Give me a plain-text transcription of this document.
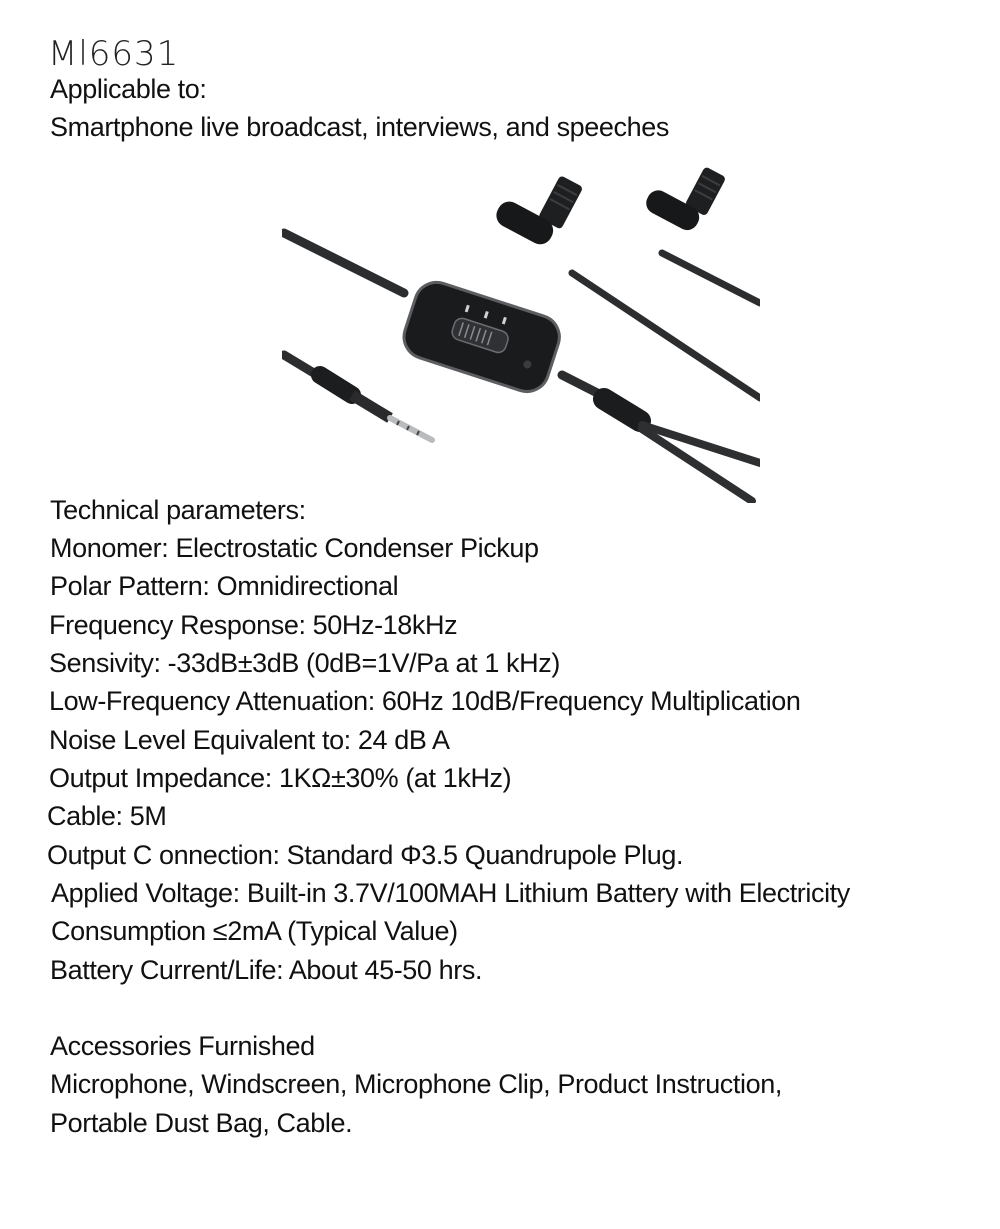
Ml6631
Applicable to:
Smartphone live broadcast, interviews, and speeches
Technical parameters:
Monomer: Electrostatic Condenser Pickup
Polar Pattern: Omnidirectional
Frequency Response: 50Hz-18kHz
Sensivity: -33dB±3dB (0dB=1V/Pa at 1 kHz)
Low-Frequency Attenuation: 60Hz 10dB/Frequency Multiplication
Noise Level Equivalent to: 24 dB A
Output Impedance: 1KΩ±30% (at 1kHz)
Cable: 5M
Output C onnection: Standard Φ3.5 Quandrupole Plug.
Applied Voltage: Built-in 3.7V/100MAH Lithium Battery with Electricity
Consumption ≤2mA (Typical Value)
Battery Current/Life: About 45-50 hrs.
Accessories Furnished
Microphone, Windscreen, Microphone Clip, Product Instruction,
Portable Dust Bag, Cable.
